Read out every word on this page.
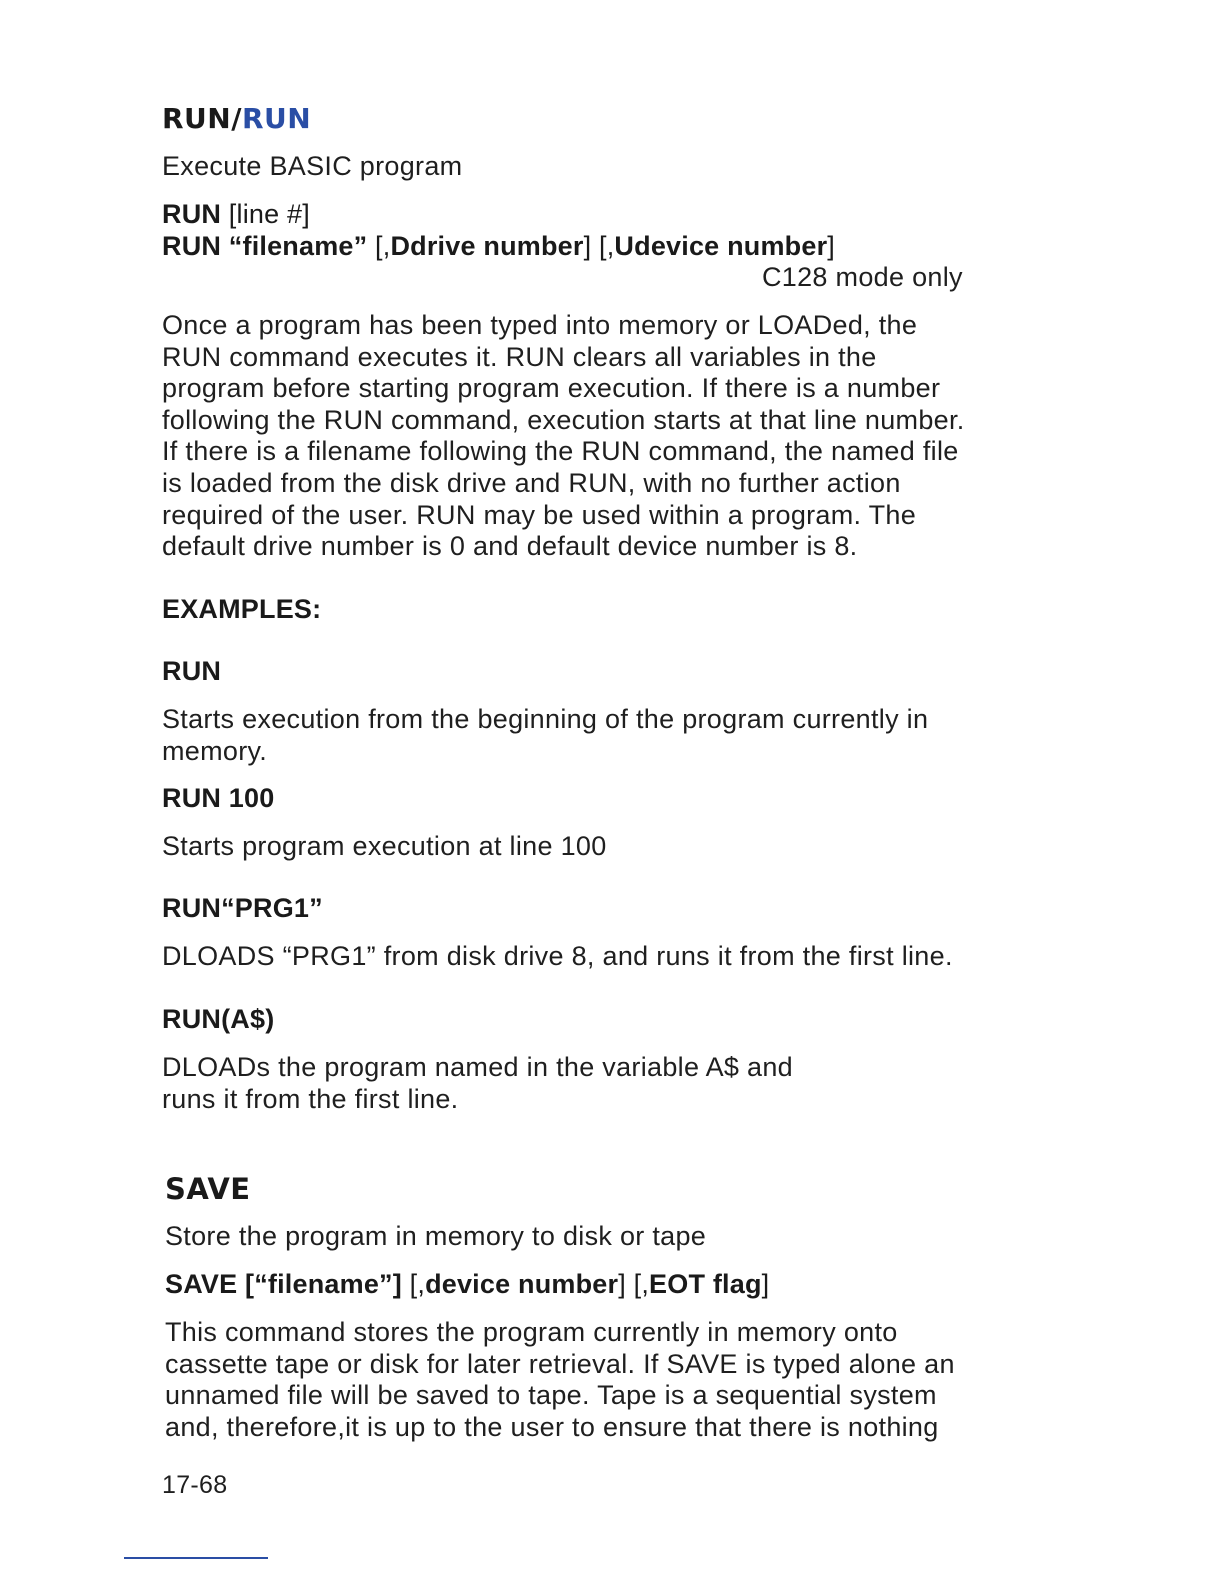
RUN/RUN
Execute BASIC program
RUN [line #]
RUN “filename” [,Ddrive number] [,Udevice number]
C128 mode only
Once a program has been typed into memory or LOADed, the
RUN command executes it. RUN clears all variables in the
program before starting program execution. If there is a number
following the RUN command, execution starts at that line number.
If there is a filename following the RUN command, the named file
is loaded from the disk drive and RUN, with no further action
required of the user. RUN may be used within a program. The
default drive number is 0 and default device number is 8.
EXAMPLES:
RUN
Starts execution from the beginning of the program currently in
memory.
RUN 100
Starts program execution at line 100
RUN“PRG1”
DLOADS “PRG1” from disk drive 8, and runs it from the first line.
RUN(A$)
DLOADs the program named in the variable A$ and
runs it from the first line.
SAVE
Store the program in memory to disk or tape
SAVE [“filename”] [,device number] [,EOT flag]
This command stores the program currently in memory onto
cassette tape or disk for later retrieval. If SAVE is typed alone an
unnamed file will be saved to tape. Tape is a sequential system
and, therefore,it is up to the user to ensure that there is nothing
17-68
